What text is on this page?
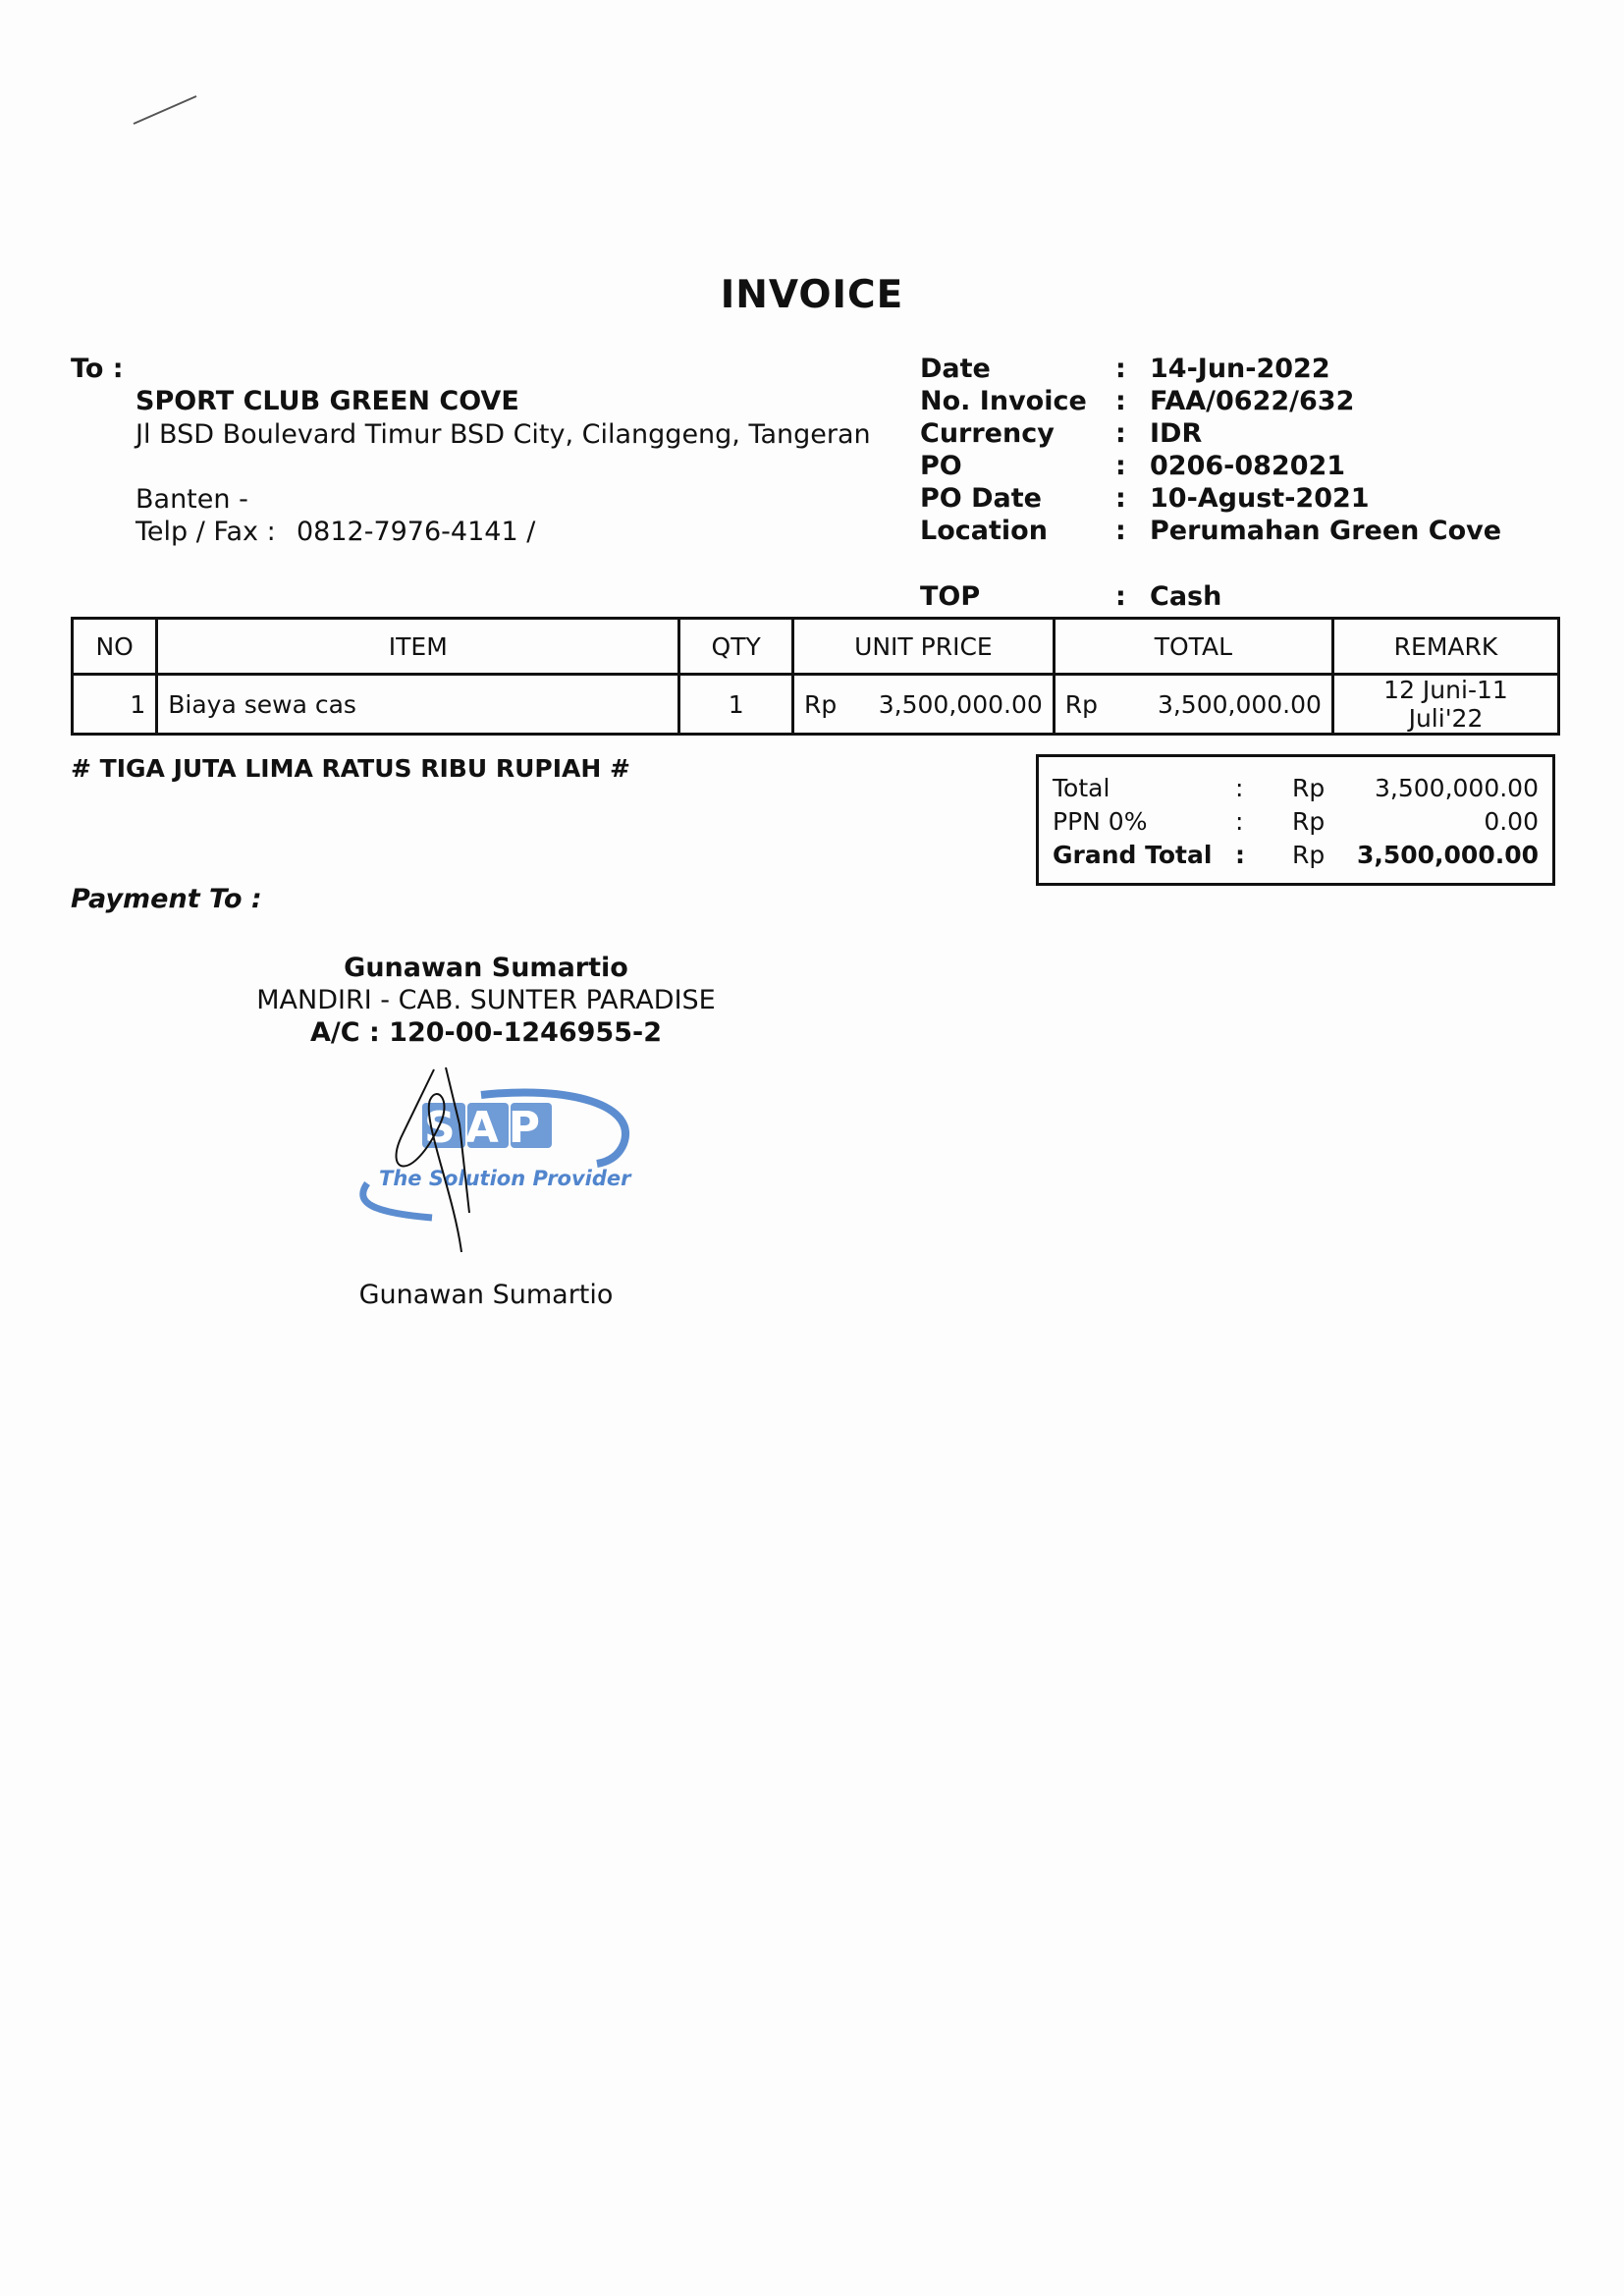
INVOICE
To :
SPORT CLUB GREEN COVE
Jl BSD Boulevard Timur BSD City, Cilanggeng, Tangeran
Banten -
Telp / Fax : 0812-7976-4141 /
Date	: 14-Jun-2022
No. Invoice : FAA/0622/632
Currency : IDR
PO	: 0206-082021
PO Date	: 10-Agust-2021
Location	: Perumahan Green Cove
TOP	: Cash
NO	ITEM	QTY	UNIT PRICE	TOTAL	REMARK
1	Biaya sewa cas	1	Rp 3,500,000.00	Rp 3,500,000.00	12 Juni-11 Juli'22
# TIGA JUTA LIMA RATUS RIBU RUPIAH #
Total	: Rp 3,500,000.00
PPN 0%	: Rp	0.00
Grand Total : Rp 3,500,000.00
Payment To :
Gunawan Sumartio
MANDIRI - CAB. SUNTER PARADISE
A/C : 120-00-1246955-2
SAP
The Solution Provider
Gunawan Sumartio
